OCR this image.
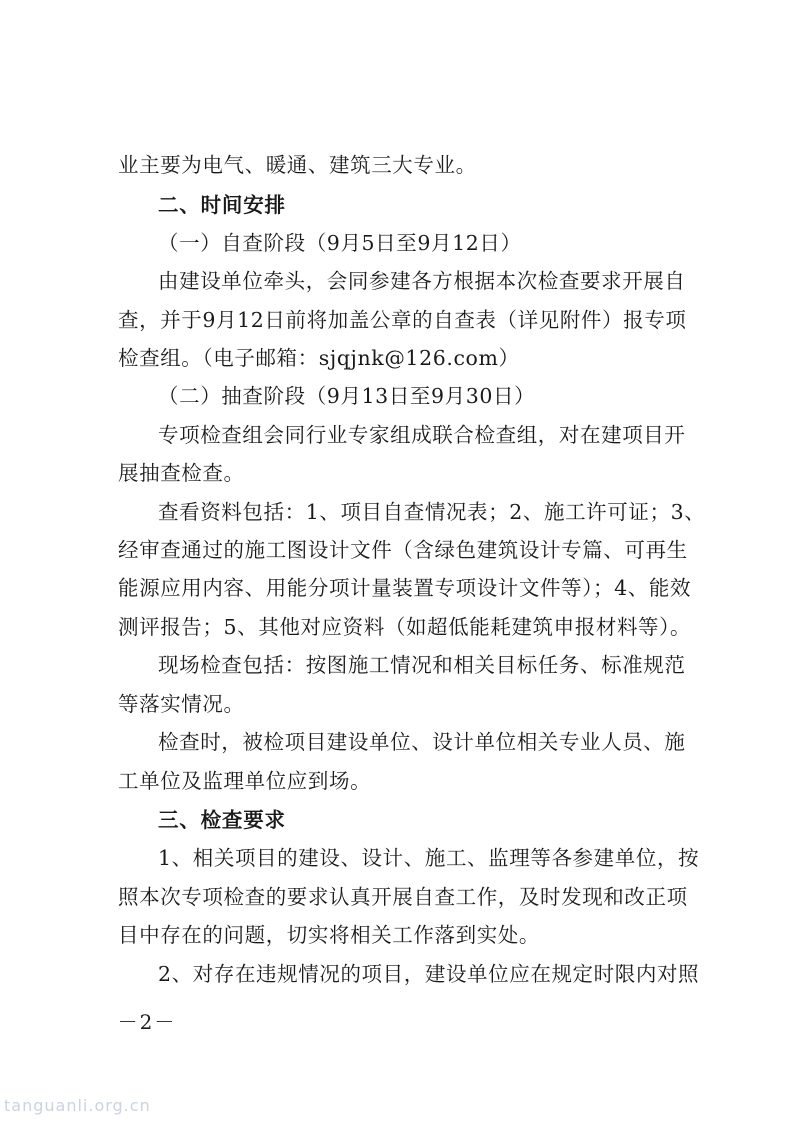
业主要为电气、暖通、建筑三大专业。
二、时间安排
（一）自查阶段（9月5日至9月12日）
由建设单位牵头，会同参建各方根据本次检查要求开展自
查，并于9月12日前将加盖公章的自查表（详见附件）报专项
检查组。（电子邮箱：sjqjnk@126.com）
（二）抽查阶段（9月13日至9月30日）
专项检查组会同行业专家组成联合检查组，对在建项目开
展抽查检查。
查看资料包括：1、项目自查情况表；2、施工许可证；3、
经审查通过的施工图设计文件（含绿色建筑设计专篇、可再生
能源应用内容、用能分项计量装置专项设计文件等）；4、能效
测评报告；5、其他对应资料（如超低能耗建筑申报材料等）。
现场检查包括：按图施工情况和相关目标任务、标准规范
等落实情况。
检查时，被检项目建设单位、设计单位相关专业人员、施
工单位及监理单位应到场。
三、检查要求
1、相关项目的建设、设计、施工、监理等各参建单位，按
照本次专项检查的要求认真开展自查工作，及时发现和改正项
目中存在的问题，切实将相关工作落到实处。
2、对存在违规情况的项目，建设单位应在规定时限内对照
－2－
tanguanli.org.cn
